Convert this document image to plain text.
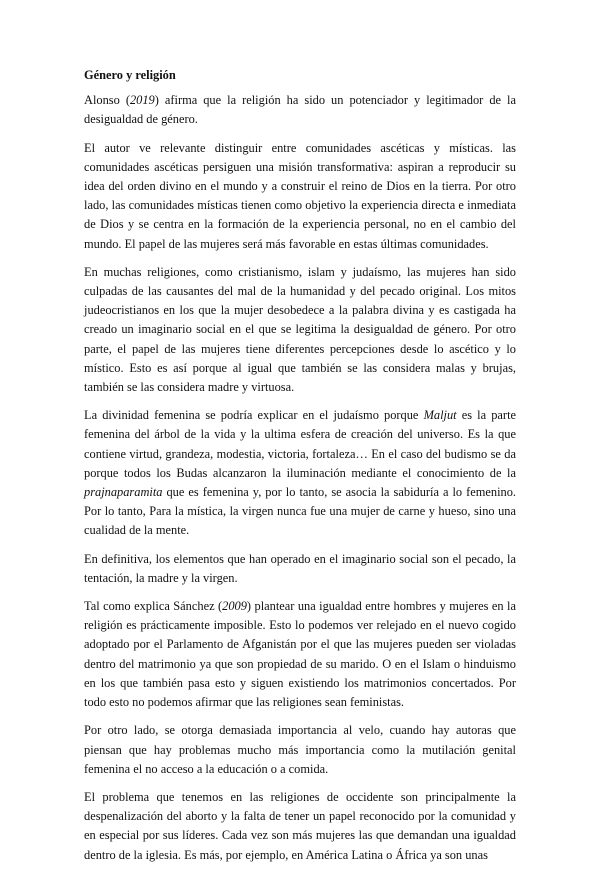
Género y religión

Alonso (2019) afirma que la religión ha sido un potenciador y legitimador de la desigualdad de género.

El autor ve relevante distinguir entre comunidades ascéticas y místicas. las comunidades ascéticas persiguen una misión transformativa: aspiran a reproducir su idea del orden divino en el mundo y a construir el reino de Dios en la tierra. Por otro lado, las comunidades místicas tienen como objetivo la experiencia directa e inmediata de Dios y se centra en la formación de la experiencia personal, no en el cambio del mundo. El papel de las mujeres será más favorable en estas últimas comunidades.

En muchas religiones, como cristianismo, islam y judaísmo, las mujeres han sido culpadas de las causantes del mal de la humanidad y del pecado original. Los mitos judeocristianos en los que la mujer desobedece a la palabra divina y es castigada ha creado un imaginario social en el que se legitima la desigualdad de género. Por otro parte, el papel de las mujeres tiene diferentes percepciones desde lo ascético y lo místico. Esto es así porque al igual que también se las considera malas y brujas, también se las considera madre y virtuosa.

La divinidad femenina se podría explicar en el judaísmo porque Maljut es la parte femenina del árbol de la vida y la ultima esfera de creación del universo. Es la que contiene virtud, grandeza, modestia, victoria, fortaleza… En el caso del budismo se da porque todos los Budas alcanzaron la iluminación mediante el conocimiento de la prajnaparamita que es femenina y, por lo tanto, se asocia la sabiduría a lo femenino. Por lo tanto, Para la mística, la virgen nunca fue una mujer de carne y hueso, sino una cualidad de la mente.

En definitiva, los elementos que han operado en el imaginario social son el pecado, la tentación, la madre y la virgen.

Tal como explica Sánchez (2009) plantear una igualdad entre hombres y mujeres en la religión es prácticamente imposible. Esto lo podemos ver relejado en el nuevo cogido adoptado por el Parlamento de Afganistán por el que las mujeres pueden ser violadas dentro del matrimonio ya que son propiedad de su marido. O en el Islam o hinduismo en los que también pasa esto y siguen existiendo los matrimonios concertados. Por todo esto no podemos afirmar que las religiones sean feministas.

Por otro lado, se otorga demasiada importancia al velo, cuando hay autoras que piensan que hay problemas mucho más importancia como la mutilación genital femenina el no acceso a la educación o a comida.

El problema que tenemos en las religiones de occidente son principalmente la despenalización del aborto y la falta de tener un papel reconocido por la comunidad y en especial por sus líderes. Cada vez son más mujeres las que demandan una igualdad dentro de la iglesia. Es más, por ejemplo, en América Latina o África ya son unas
